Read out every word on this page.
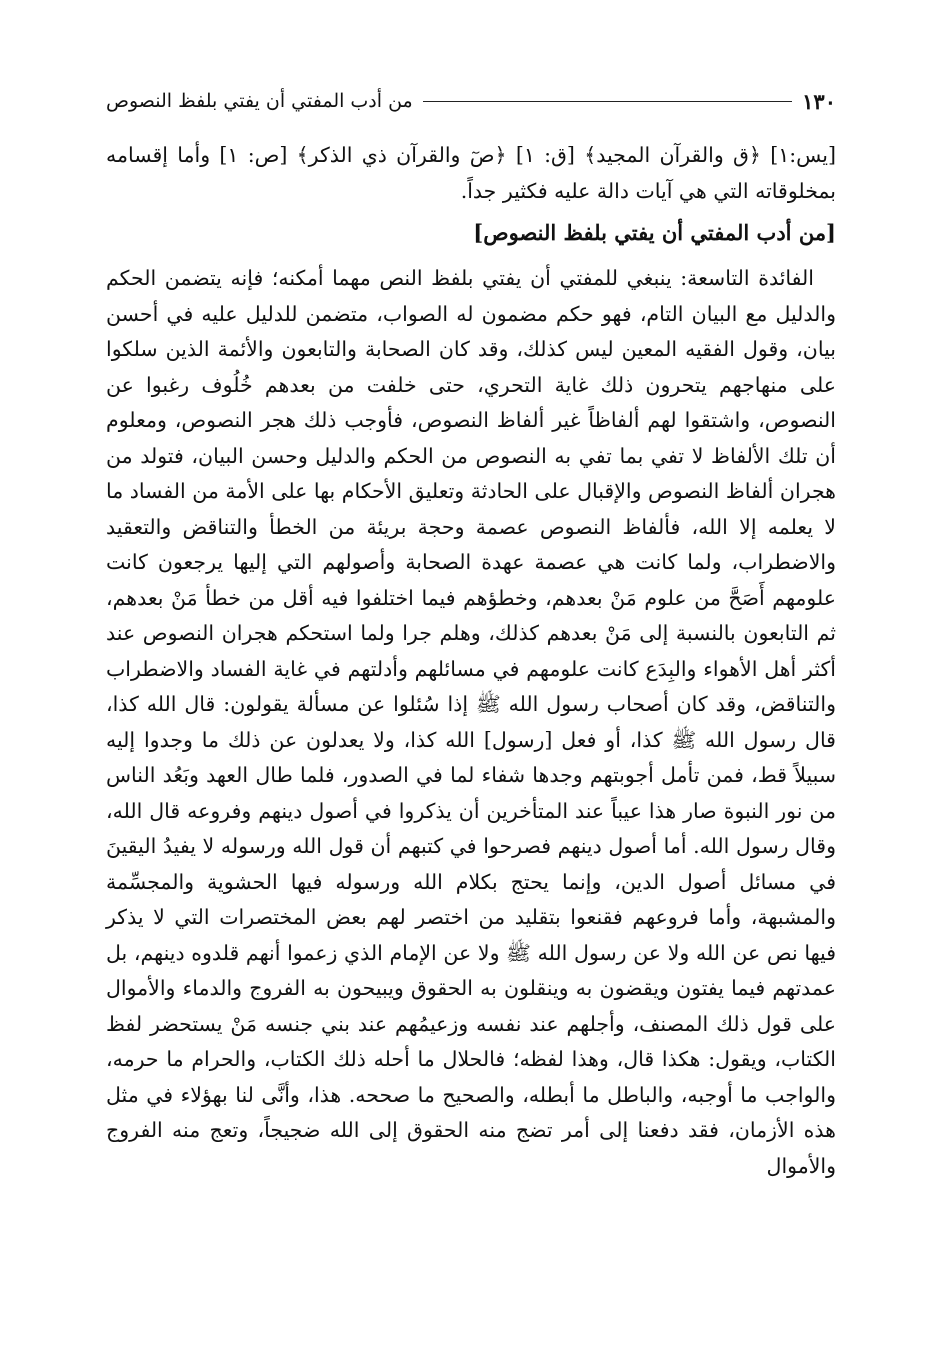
١٣٠
من أدب المفتي أن يفتي بلفظ النصوص

[يس:١] ﴿ق والقرآن المجيد﴾ [ق: ١] ﴿صٓ والقرآن ذي الذكر﴾ [ص: ١] وأما إقسامه بمخلوقاته التي هي آيات دالة عليه فكثير جداً.

[من أدب المفتي أن يفتي بلفظ النصوص]

الفائدة التاسعة: ينبغي للمفتي أن يفتي بلفظ النص مهما أمكنه؛ فإنه يتضمن الحكم والدليل مع البيان التام، فهو حكم مضمون له الصواب، متضمن للدليل عليه في أحسن بيان، وقول الفقيه المعين ليس كذلك، وقد كان الصحابة والتابعون والأئمة الذين سلكوا على منهاجهم يتحرون ذلك غاية التحري، حتى خلفت من بعدهم خُلُوف رغبوا عن النصوص، واشتقوا لهم ألفاظاً غير ألفاظ النصوص، فأوجب ذلك هجر النصوص، ومعلوم أن تلك الألفاظ لا تفي بما تفي به النصوص من الحكم والدليل وحسن البيان، فتولد من هجران ألفاظ النصوص والإقبال على الحادثة وتعليق الأحكام بها على الأمة من الفساد ما لا يعلمه إلا الله، فألفاظ النصوص عصمة وحجة بريئة من الخطأ والتناقض والتعقيد والاضطراب، ولما كانت هي عصمة عهدة الصحابة وأصولهم التي إليها يرجعون كانت علومهم أَصَحَّ من علوم مَنْ بعدهم، وخطؤهم فيما اختلفوا فيه أقل من خطأ مَنْ بعدهم، ثم التابعون بالنسبة إلى مَنْ بعدهم كذلك، وهلم جرا ولما استحكم هجران النصوص عند أكثر أهل الأهواء والبِدَع كانت علومهم في مسائلهم وأدلتهم في غاية الفساد والاضطراب والتناقض، وقد كان أصحاب رسول الله ﷺ إذا سُئلوا عن مسألة يقولون: قال الله كذا، قال رسول الله ﷺ كذا، أو فعل [رسول] الله كذا، ولا يعدلون عن ذلك ما وجدوا إليه سبيلاً قط، فمن تأمل أجوبتهم وجدها شفاء لما في الصدور، فلما طال العهد وبَعُد الناس من نور النبوة صار هذا عيباً عند المتأخرين أن يذكروا في أصول دينهم وفروعه قال الله، وقال رسول الله. أما أصول دينهم فصرحوا في كتبهم أن قول الله ورسوله لا يفيدُ اليقينَ في مسائل أصول الدين، وإنما يحتج بكلام الله ورسوله فيها الحشوية والمجسِّمة والمشبهة، وأما فروعهم فقنعوا بتقليد من اختصر لهم بعض المختصرات التي لا يذكر فيها نص عن الله ولا عن رسول الله ﷺ ولا عن الإمام الذي زعموا أنهم قلدوه دينهم، بل عمدتهم فيما يفتون ويقضون به وينقلون به الحقوق ويبيحون به الفروج والدماء والأموال على قول ذلك المصنف، وأجلهم عند نفسه وزعيمُهم عند بني جنسه مَنْ يستحضر لفظ الكتاب، ويقول: هكذا قال، وهذا لفظه؛ فالحلال ما أحله ذلك الكتاب، والحرام ما حرمه، والواجب ما أوجبه، والباطل ما أبطله، والصحيح ما صححه. هذا، وأنَّى لنا بهؤلاء في مثل هذه الأزمان، فقد دفعنا إلى أمر تضج منه الحقوق إلى الله ضجيجاً، وتعج منه الفروج والأموال
